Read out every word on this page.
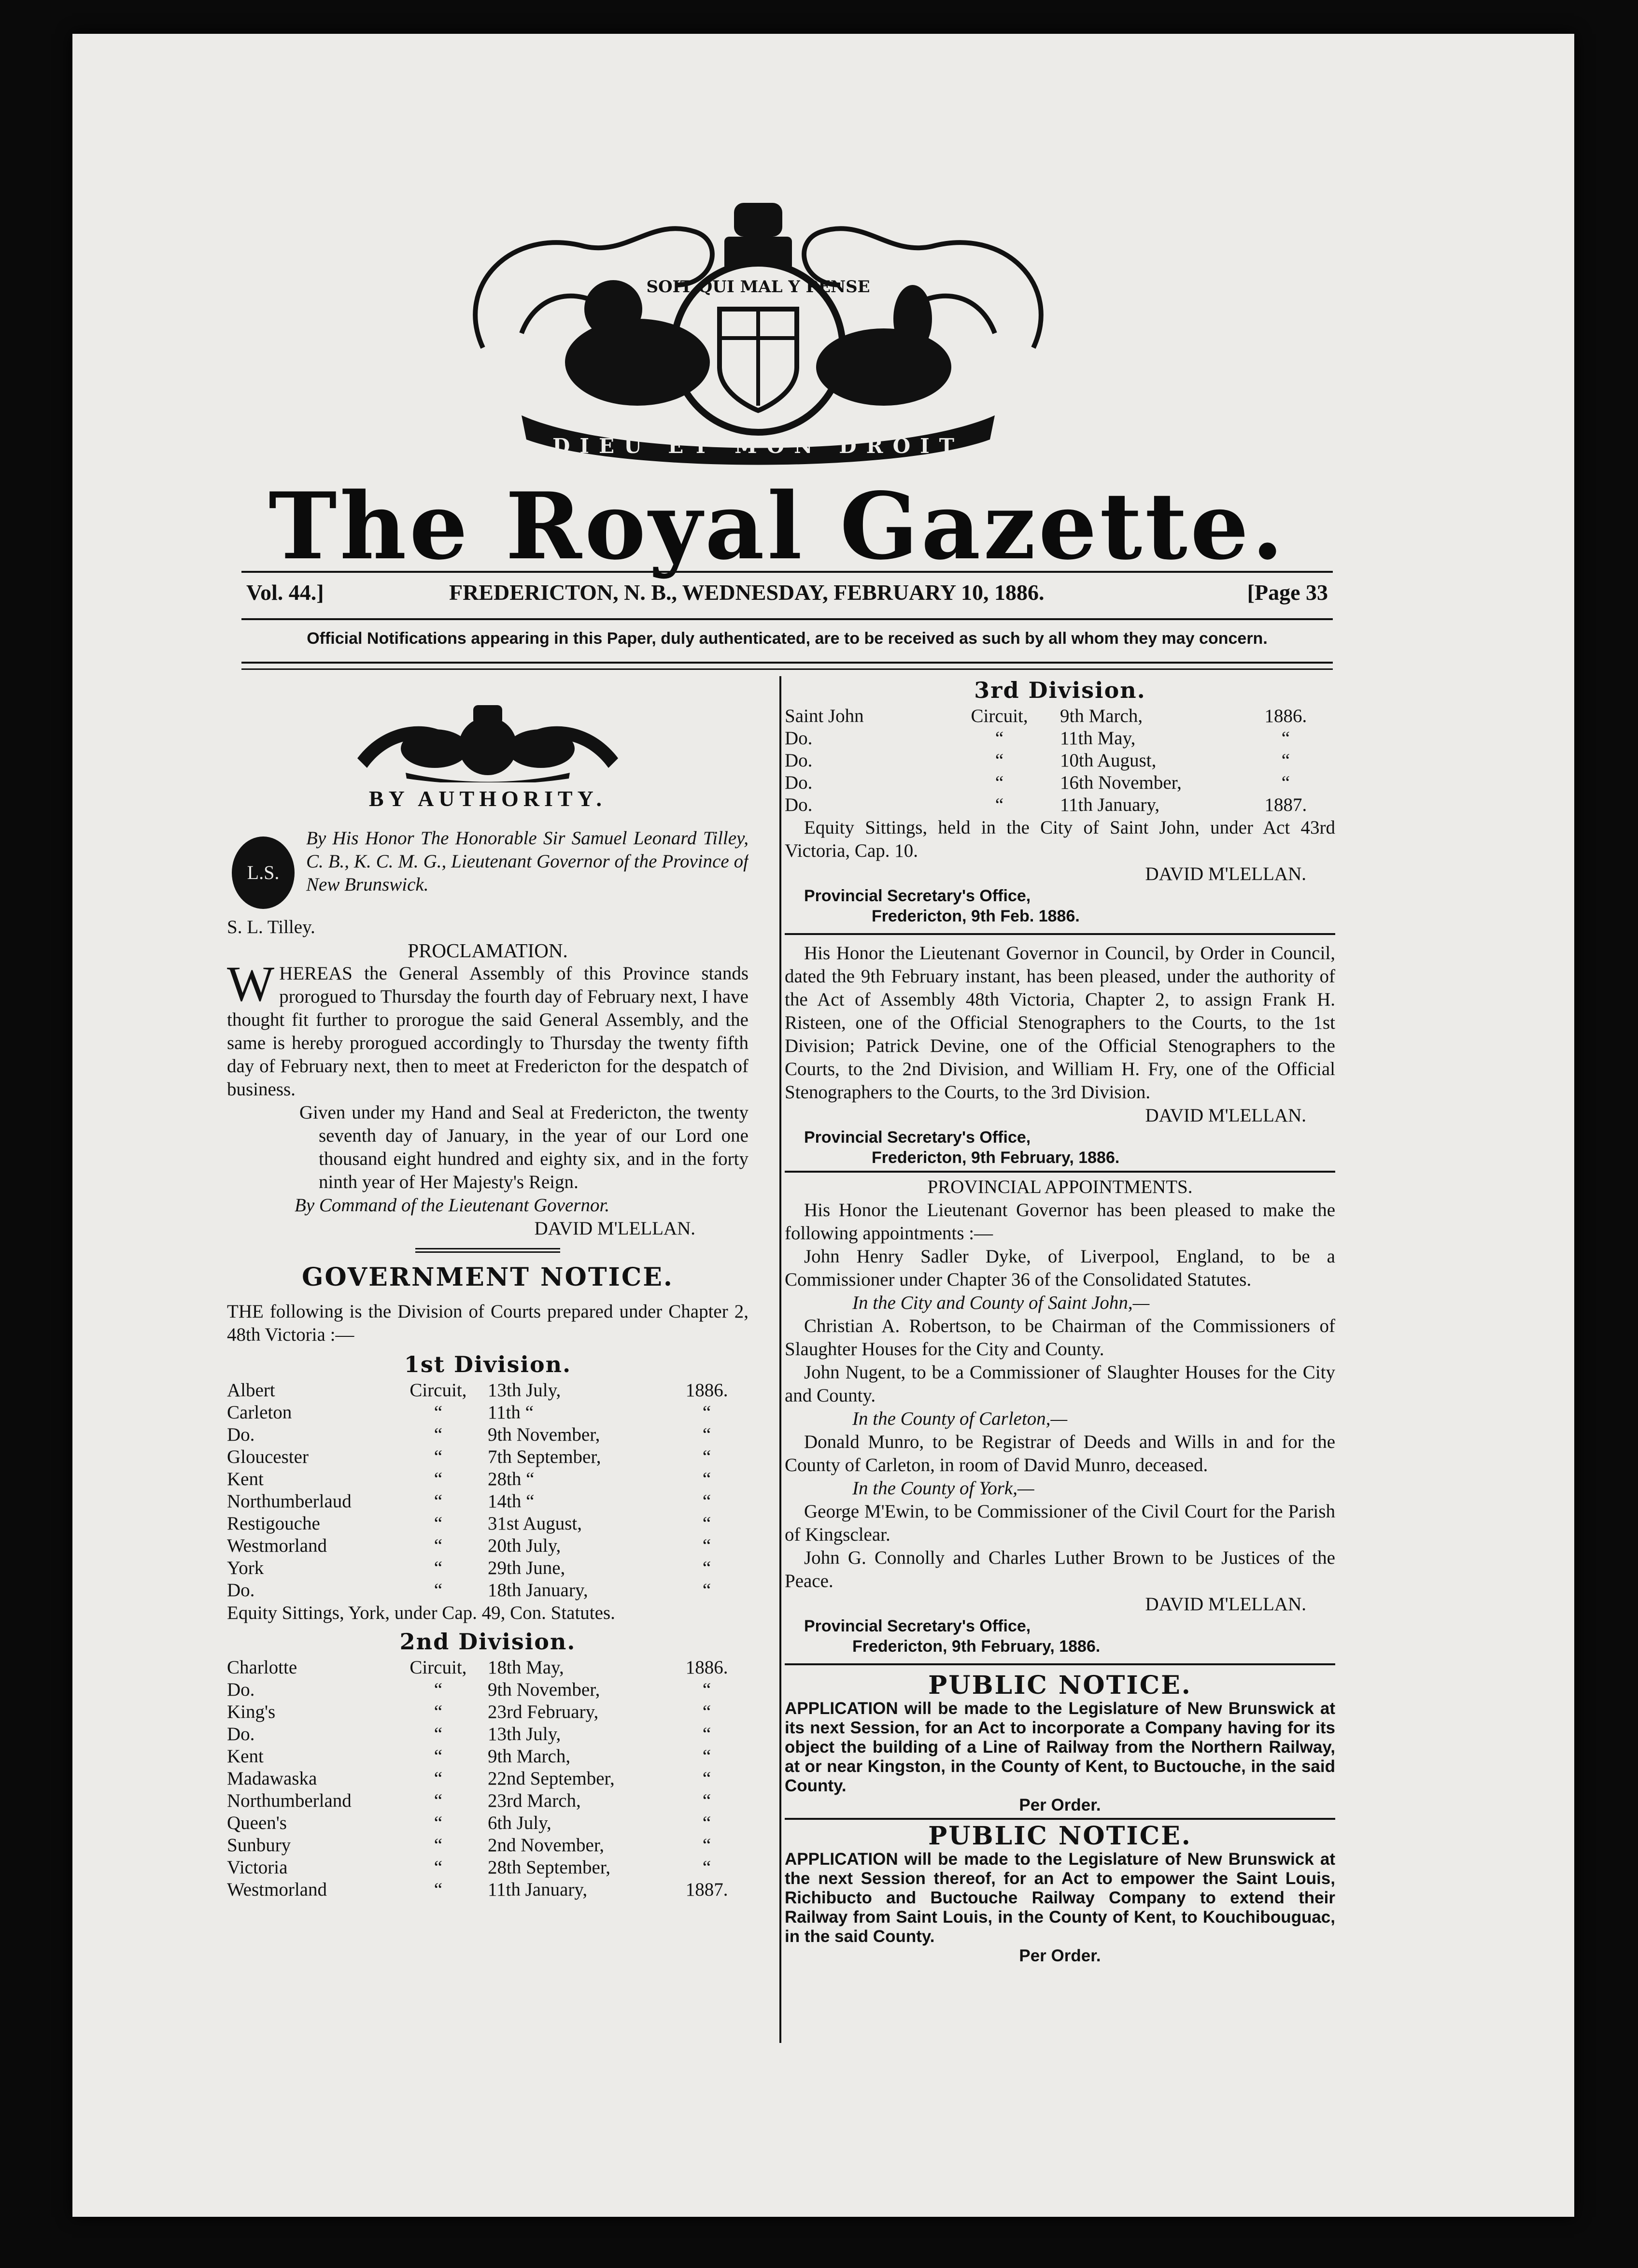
SOIT QUI MAL Y PENSE
DIEU ET MON DROIT
The Royal Gazette.
Vol. 44.]	FREDERICTON, N. B., WEDNESDAY, FEBRUARY 10, 1886.	[Page 33
Official Notifications appearing in this Paper, duly authenticated, are to be received as such by all whom they may concern.

BY AUTHORITY.

L.S.

By His Honor The Honorable Sir Samuel Leonard Tilley, C. B., K. C. M. G., Lieutenant Governor of the Province of New Brunswick.

S. L. Tilley.

PROCLAMATION.

W HEREAS the General Assembly of this Province stands prorogued to Thursday the fourth day of February next, I have thought fit further to prorogue the said General Assembly, and the same is hereby prorogued accordingly to Thursday the twenty fifth day of February next, then to meet at Fredericton for the despatch of business.

Given under my Hand and Seal at Fredericton, the twenty seventh day of January, in the year of our Lord one thousand eight hundred and eighty six, and in the forty ninth year of Her Majesty's Reign.

By Command of the Lieutenant Governor.

DAVID M'LELLAN.

GOVERNMENT NOTICE.

THE following is the Division of Courts prepared under Chapter 2, 48th Victoria :—

1st Division.

Albert	Circuit,	13th July,	1886.
Carleton	“	11th “	“
Do.	“	9th November,	“
Gloucester	“	7th September,	“
Kent	“	28th “	“
Northumberlaud	“	14th “	“
Restigouche	“	31st August,	“
Westmorland	“	20th July,	“
York	“	29th June,	“
Do.	“	18th January,	“

Equity Sittings, York, under Cap. 49, Con. Statutes.

2nd Division.

Charlotte	Circuit,	18th May,	1886.
Do.	“	9th November,	“
King's	“	23rd February,	“
Do.	“	13th July,	“
Kent	“	9th March,	“
Madawaska	“	22nd September,	“
Northumberland	“	23rd March,	“
Queen's	“	6th July,	“
Sunbury	“	2nd November,	“
Victoria	“	28th September,	“
Westmorland	“	11th January,	1887.

3rd Division.

Saint John	Circuit,	9th March,	1886.
Do.	“	11th May,	“
Do.	“	10th August,	“
Do.	“	16th November,	“
Do.	“	11th January,	1887.

Equity Sittings, held in the City of Saint John, under Act 43rd Victoria, Cap. 10.

DAVID M'LELLAN.

Provincial Secretary's Office,

Fredericton, 9th Feb. 1886.

His Honor the Lieutenant Governor in Council, by Order in Council, dated the 9th February instant, has been pleased, under the authority of the Act of Assembly 48th Victoria, Chapter 2, to assign Frank H. Risteen, one of the Official Stenographers to the Courts, to the 1st Division; Patrick Devine, one of the Official Stenographers to the Courts, to the 2nd Division, and William H. Fry, one of the Official Stenographers to the Courts, to the 3rd Division.

DAVID M'LELLAN.

Provincial Secretary's Office,

Fredericton, 9th February, 1886.

PROVINCIAL APPOINTMENTS.

His Honor the Lieutenant Governor has been pleased to make the following appointments :—

John Henry Sadler Dyke, of Liverpool, England, to be a Commissioner under Chapter 36 of the Consolidated Statutes.

In the City and County of Saint John,—

Christian A. Robertson, to be Chairman of the Commissioners of Slaughter Houses for the City and County.

John Nugent, to be a Commissioner of Slaughter Houses for the City and County.

In the County of Carleton,—

Donald Munro, to be Registrar of Deeds and Wills in and for the County of Carleton, in room of David Munro, deceased.

In the County of York,—

George M'Ewin, to be Commissioner of the Civil Court for the Parish of Kingsclear.

John G. Connolly and Charles Luther Brown to be Justices of the Peace.

DAVID M'LELLAN.

Provincial Secretary's Office,

Fredericton, 9th February, 1886.

PUBLIC NOTICE.

APPLICATION will be made to the Legislature of New Brunswick at its next Session, for an Act to incorporate a Company having for its object the building of a Line of Railway from the Northern Railway, at or near Kingston, in the County of Kent, to Buctouche, in the said County.

Per Order.

PUBLIC NOTICE.

APPLICATION will be made to the Legislature of New Brunswick at the next Session thereof, for an Act to empower the Saint Louis, Richibucto and Buctouche Railway Company to extend their Railway from Saint Louis, in the County of Kent, to Kouchibouguac, in the said County.

Per Order.
